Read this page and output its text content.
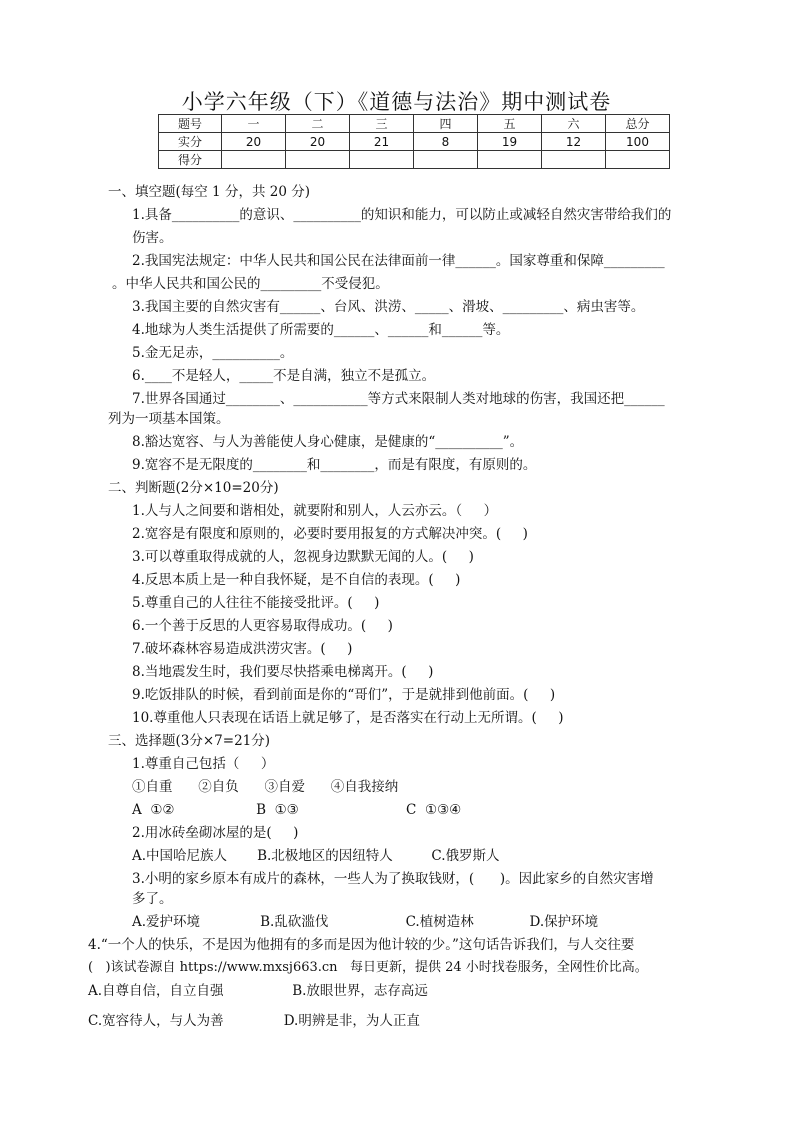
小学六年级（下）《道德与法治》期中测试卷
题号	一	二	三	四	五	六	总分
实分	20	20	21	8	19	12	100
得分							
一、填空题(每空 1 分，共 20 分)
1.具备__________的意识、__________的知识和能力，可以防止或减轻自然灾害带给我们的
伤害。
2.我国宪法规定：中华人民共和国公民在法律面前一律______。国家尊重和保障_________
。中华人民共和国公民的_________不受侵犯。
3.我国主要的自然灾害有______、台风、洪涝、_____、滑坡、_________、病虫害等。
4.地球为人类生活提供了所需要的______、______和______等。
5.金无足赤，__________。
6.____不是轻人，_____不是自满，独立不是孤立。
7.世界各国通过________、___________等方式来限制人类对地球的伤害，我国还把______
列为一项基本国策。
8.豁达宽容、与人为善能使人身心健康，是健康的“__________”。
9.宽容不是无限度的________和________，而是有限度，有原则的。
二、判断题(2分×10=20分)
1.人与人之间要和谐相处，就要附和别人，人云亦云。（     ）
2.宽容是有限度和原则的，必要时要用报复的方式解决冲突。(     )
3.可以尊重取得成就的人，忽视身边默默无闻的人。(     )
4.反思本质上是一种自我怀疑，是不自信的表现。(     )
5.尊重自己的人往往不能接受批评。(     )
6.一个善于反思的人更容易取得成功。(     )
7.破坏森林容易造成洪涝灾害。(     )
8.当地震发生时，我们要尽快搭乘电梯离开。(     )
9.吃饭排队的时候，看到前面是你的“哥们”，于是就排到他前面。(     )
10.尊重他人只表现在话语上就足够了，是否落实在行动上无所谓。(     )
三、选择题(3分×7=21分)
1.尊重自己包括（     ）
①自重      ②自负      ③自爱      ④自我接纳
A  ①②                   B  ①③                         C  ①③④
2.用冰砖垒砌冰屋的是(     )
A.中国哈尼族人       B.北极地区的因纽特人         C.俄罗斯人
3.小明的家乡原本有成片的森林，一些人为了换取钱财，(      )。因此家乡的自然灾害增
多了。
A.爱护环境              B.乱砍滥伐                  C.植树造林             D.保护环境
4.“一个人的快乐，不是因为他拥有的多而是因为他计较的少。”这句话告诉我们，与人交往要
(   )该试卷源自 https://www.mxsj663.cn   每日更新，提供 24 小时找卷服务，全网性价比高。
A.自尊自信，自立自强                B.放眼世界，志存高远
C.宽容待人，与人为善              D.明辨是非，为人正直
